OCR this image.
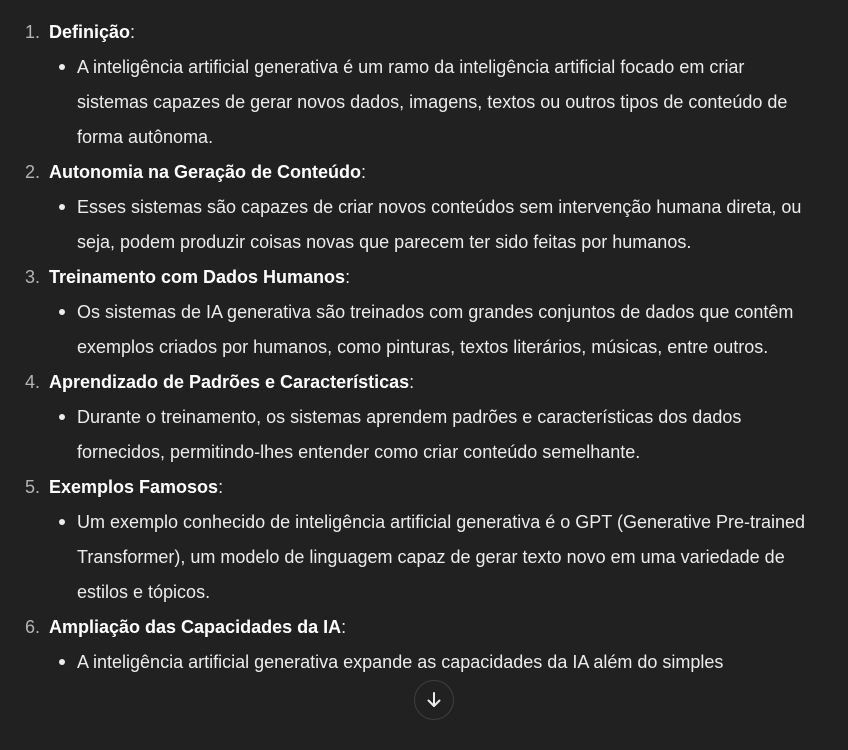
1. Definição:

A inteligência artificial generativa é um ramo da inteligência artificial focado em criar sistemas capazes de gerar novos dados, imagens, textos ou outros tipos de conteúdo de forma autônoma.

2. Autonomia na Geração de Conteúdo:

Esses sistemas são capazes de criar novos conteúdos sem intervenção humana direta, ou seja, podem produzir coisas novas que parecem ter sido feitas por humanos.

3. Treinamento com Dados Humanos:

Os sistemas de IA generativa são treinados com grandes conjuntos de dados que contêm exemplos criados por humanos, como pinturas, textos literários, músicas, entre outros.

4. Aprendizado de Padrões e Características:

Durante o treinamento, os sistemas aprendem padrões e características dos dados fornecidos, permitindo-lhes entender como criar conteúdo semelhante.

5. Exemplos Famosos:

Um exemplo conhecido de inteligência artificial generativa é o GPT (Generative Pre-trained Transformer), um modelo de linguagem capaz de gerar texto novo em uma variedade de estilos e tópicos.

6. Ampliação das Capacidades da IA:

A inteligência artificial generativa expande as capacidades da IA além do simples
